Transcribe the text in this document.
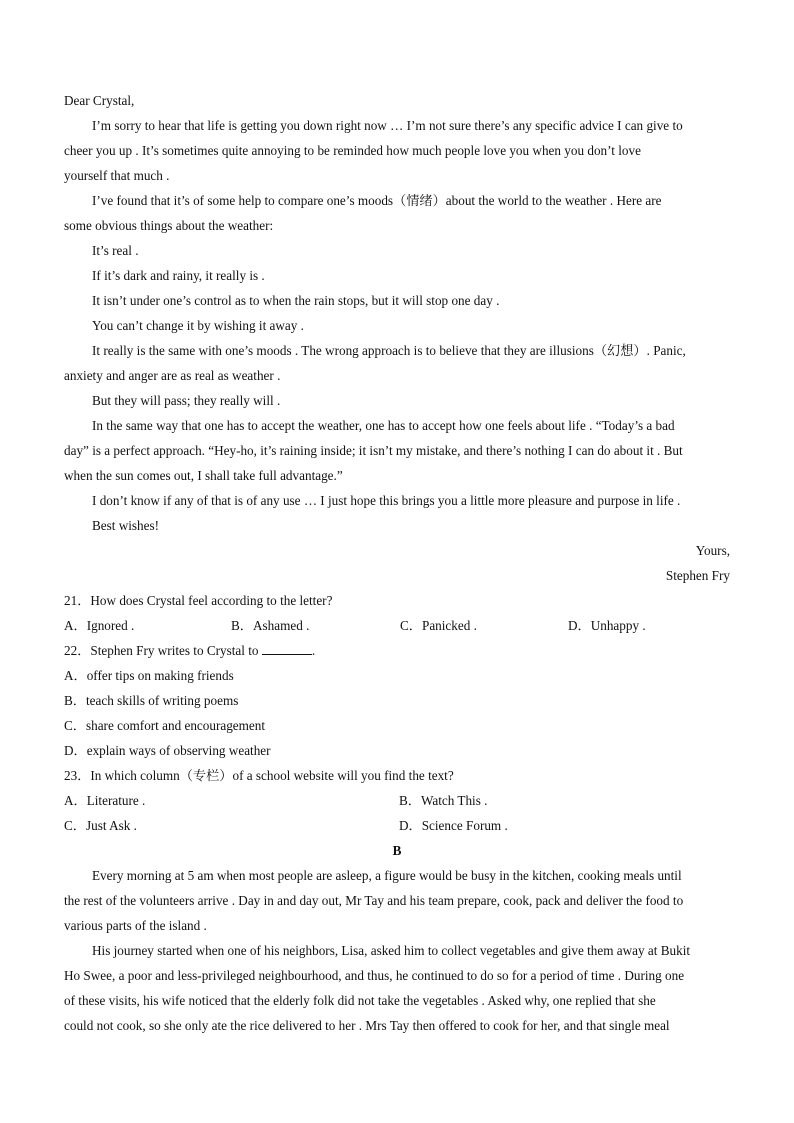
Dear Crystal,
I’m sorry to hear that life is getting you down right now … I’m not sure there’s any specific advice I can give to
cheer you up . It’s sometimes quite annoying to be reminded how much people love you when you don’t love
yourself that much .
I’ve found that it’s of some help to compare one’s moods（情绪）about the world to the weather . Here are
some obvious things about the weather:
It’s real .
If it’s dark and rainy, it really is .
It isn’t under one’s control as to when the rain stops, but it will stop one day .
You can’t change it by wishing it away .
It really is the same with one’s moods . The wrong approach is to believe that they are illusions（幻想）. Panic,
anxiety and anger are as real as weather .
But they will pass; they really will .
In the same way that one has to accept the weather, one has to accept how one feels about life . “Today’s a bad
day” is a perfect approach. “Hey-ho, it’s raining inside; it isn’t my mistake, and there’s nothing I can do about it . But
when the sun comes out, I shall take full advantage.”
I don’t know if any of that is of any use … I just hope this brings you a little more pleasure and purpose in life .
Best wishes!
Yours,
Stephen Fry
21．How does Crystal feel according to the letter?
A．Ignored .	B．Ashamed .	C．Panicked .	D．Unhappy .
22．Stephen Fry writes to Crystal to	.
A．offer tips on making friends
B．teach skills of writing poems
C．share comfort and encouragement
D．explain ways of observing weather
23．In which column（专栏）of a school website will you find the text?
A．Literature .	B．Watch This .
C．Just Ask .	D．Science Forum .
B
Every morning at 5 am when most people are asleep, a figure would be busy in the kitchen, cooking meals until
the rest of the volunteers arrive . Day in and day out, Mr Tay and his team prepare, cook, pack and deliver the food to
various parts of the island .
His journey started when one of his neighbors, Lisa, asked him to collect vegetables and give them away at Bukit
Ho Swee, a poor and less-privileged neighbourhood, and thus, he continued to do so for a period of time . During one
of these visits, his wife noticed that the elderly folk did not take the vegetables . Asked why, one replied that she
could not cook, so she only ate the rice delivered to her . Mrs Tay then offered to cook for her, and that single meal
